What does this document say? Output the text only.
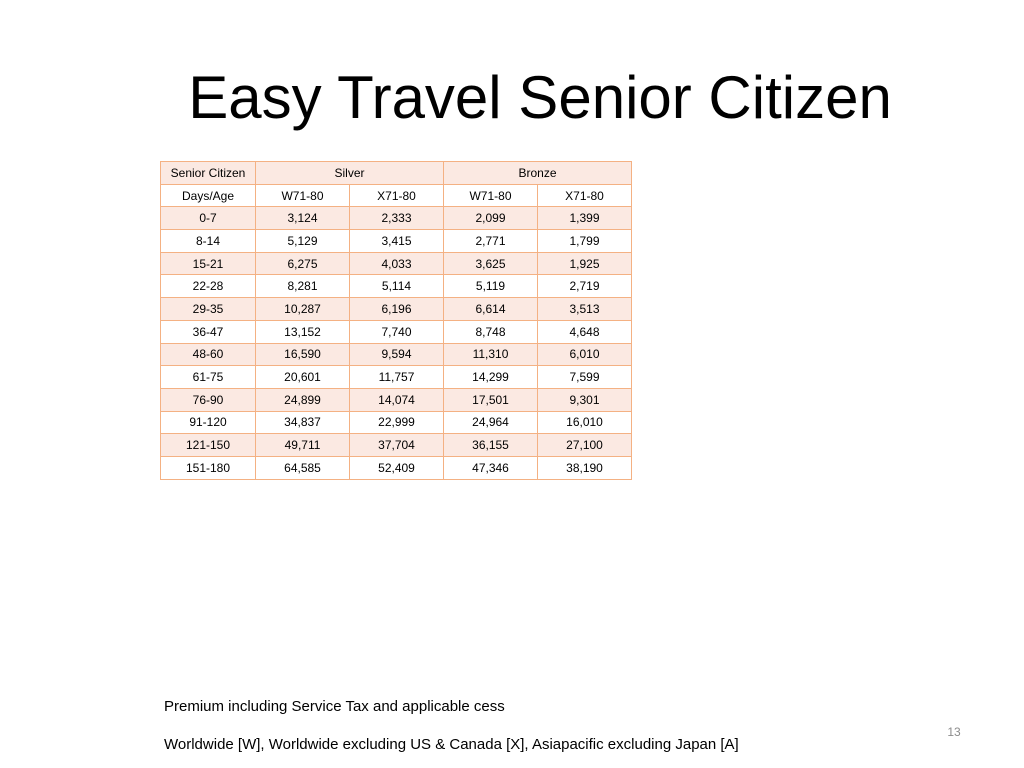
Easy Travel Senior Citizen
Senior Citizen	Silver		Bronze	
Days/Age	W71-80	X71-80	W71-80	X71-80
0-7	3,124	2,333	2,099	1,399
8-14	5,129	3,415	2,771	1,799
15-21	6,275	4,033	3,625	1,925
22-28	8,281	5,114	5,119	2,719
29-35	10,287	6,196	6,614	3,513
36-47	13,152	7,740	8,748	4,648
48-60	16,590	9,594	11,310	6,010
61-75	20,601	11,757	14,299	7,599
76-90	24,899	14,074	17,501	9,301
91-120	34,837	22,999	24,964	16,010
121-150	49,711	37,704	36,155	27,100
151-180	64,585	52,409	47,346	38,190
Premium including Service Tax and applicable cess
Worldwide [W], Worldwide excluding US & Canada [X], Asiapacific excluding Japan [A]
13
